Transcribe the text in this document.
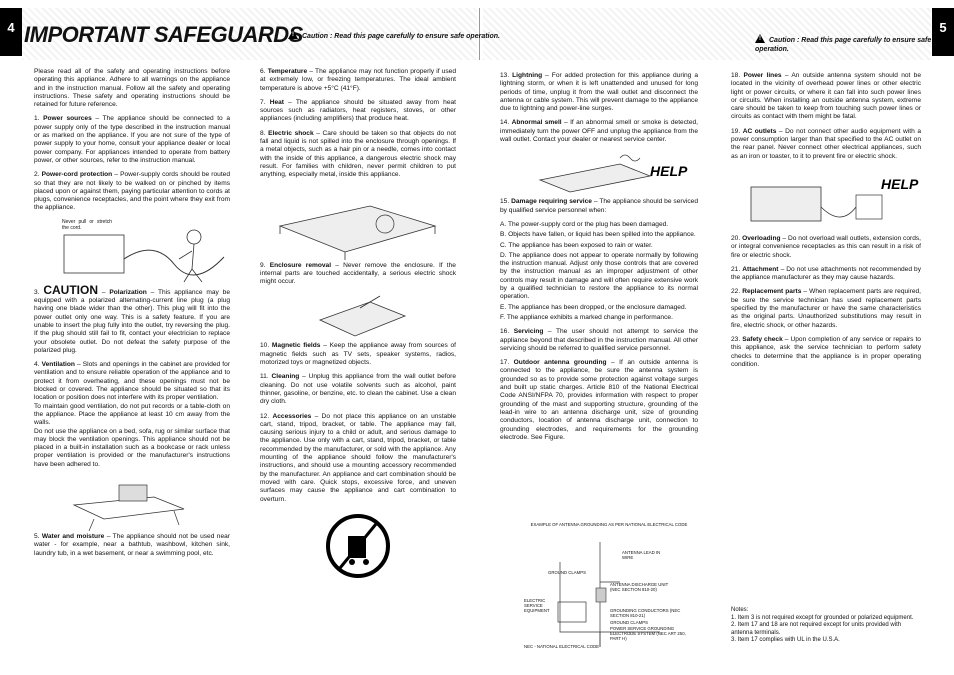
4	5
IMPORTANT SAFEGUARDS
! Caution : Read this page carefully to ensure safe operation.
!Caution : Read this page carefully to ensure safe operation.

Please read all of the safety and operating instructions before operating this appliance. Adhere to all warnings on the appliance and in the instruction manual. Follow all the safety and operating instructions. These safety and operating instructions should be retained for future reference.

1. Power sources – The appliance should be connected to a power supply only of the type described in the instruction manual or as marked on the appliance. If you are not sure of the type of power supply to your home, consult your appliance dealer or local power company. For appliances intended to operate from battery power, or other sources, refer to the instruction manual.

2. Power-cord protection – Power-supply cords should be routed so that they are not likely to be walked on or pinched by items placed upon or against them, paying particular attention to cords at plugs, convenience receptacles, and the point where they exit from the appliance.

Never pull or stretch the cord.

3. CAUTION – Polarization – This appliance may be equipped with a polarized alternating-current line plug (a plug having one blade wider than the other). This plug will fit into the power outlet only one way. This is a safety feature. If you are unable to insert the plug fully into the outlet, try reversing the plug. If the plug should still fail to fit, contact your electrician to replace your obsolete outlet. Do not defeat the safety purpose of the polarized plug.

4. Ventilation – Slots and openings in the cabinet are provided for ventilation and to ensure reliable operation of the appliance and to protect it from overheating, and these openings must not be blocked or covered. The appliance should be situated so that its location or position does not interfere with its proper ventilation.
To maintain good ventilation, do not put records or a table-cloth on the appliance. Place the appliance at least 10 cm away from the walls.
Do not use the appliance on a bed, sofa, rug or similar surface that may block the ventilation openings. This appliance should not be placed in a built-in installation such as a bookcase or rack unless proper ventilation is provided or the manufacturer's instructions have been adhered to.

5. Water and moisture – The appliance should not be used near water - for example, near a bathtub, washbowl, kitchen sink, laundry tub, in a wet basement, or near a swimming pool, etc.

6. Temperature – The appliance may not function properly if used at extremely low, or freezing temperatures. The ideal ambient temperature is above +5°C (41°F).

7. Heat – The appliance should be situated away from heat sources such as radiators, heat registers, stoves, or other appliances (including amplifiers) that produce heat.

8. Electric shock – Care should be taken so that objects do not fall and liquid is not spilled into the enclosure through openings. If a metal objects, such as a hair pin or a needle, comes into contact with the inside of this appliance, a dangerous electric shock may result. For families with children, never permit children to put anything, especially metal, inside this appliance.

9. Enclosure removal – Never remove the enclosure. If the internal parts are touched accidentally, a serious electric shock might occur.

10. Magnetic fields – Keep the appliance away from sources of magnetic fields such as TV sets, speaker systems, radios, motorized toys or magnetized objects.

11. Cleaning – Unplug this appliance from the wall outlet before cleaning. Do not use volatile solvents such as alcohol, paint thinner, gasoline, or benzine, etc. to clean the cabinet. Use a clean dry cloth.

12. Accessories – Do not place this appliance on an unstable cart, stand, tripod, bracket, or table. The appliance may fall, causing serious injury to a child or adult, and serious damage to the appliance. Use only with a cart, stand, tripod, bracket, or table recommended by the manufacturer, or sold with the appliance. Any mounting of the appliance should follow the manufacturer's instructions, and should use a mounting accessory recommended by the manufacturer. An appliance and cart combination should be moved with care. Quick stops, excessive force, and uneven surfaces may cause the appliance and cart combination to overturn.

13. Lightning – For added protection for this appliance during a lightning storm, or when it is left unattended and unused for long periods of time, unplug it from the wall outlet and disconnect the antenna or cable system. This will prevent damage to the appliance due to lightning and power-line surges.

14. Abnormal smell – If an abnormal smell or smoke is detected, immediately turn the power OFF and unplug the appliance from the wall outlet. Contact your dealer or nearest service center.

HELP

15. Damage requiring service – The appliance should be serviced by qualified service personnel when:

A. The power-supply cord or the plug has been damaged.

B. Objects have fallen, or liquid has been spilled into the appliance.

C. The appliance has been exposed to rain or water.

D. The appliance does not appear to operate normally by following the instruction manual. Adjust only those controls that are covered by the instruction manual as an improper adjustment of other controls may result in damage and will often require extensive work by a qualified technician to restore the appliance to its normal operation.

E. The appliance has been dropped, or the enclosure damaged.

F. The appliance exhibits a marked change in performance.

16. Servicing – The user should not attempt to service the appliance beyond that described in the instruction manual. All other servicing should be referred to qualified service personnel.

17. Outdoor antenna grounding – If an outside antenna is connected to the appliance, be sure the antenna system is grounded so as to provide some protection against voltage surges and built up static charges. Article 810 of the National Electrical Code ANSI/NFPA 70, provides information with respect to proper grounding of the mast and supporting structure, grounding of the lead-in wire to an antenna discharge unit, size of grounding conductors, location of antenna discharge unit, connection to grounding electrodes, and requirements for the grounding electrode. See Figure.

EXAMPLE OF ANTENNA GROUNDING AS PER NATIONAL ELECTRICAL CODE
ANTENNA LEAD IN WIRE
GROUND CLAMPS
ANTENNA DISCHARGE UNIT (NEC SECTION 810-20)
ELECTRIC SERVICE EQUIPMENT	GROUNDING CONDUCTORS (NEC SECTION 810-21)
GROUND CLAMPS
POWER SERVICE GROUNDING ELECTRODE SYSTEM (NEC ART 250, PART H)
NEC - NATIONAL ELECTRICAL CODE

18. Power lines – An outside antenna system should not be located in the vicinity of overhead power lines or other electric light or power circuits, or where it can fall into such power lines or circuits. When installing an outside antenna system, extreme care should be taken to keep from touching such power lines or circuits as contact with them might be fatal.

19. AC outlets – Do not connect other audio equipment with a power consumption larger than that specified to the AC outlet on the rear panel. Never connect other electrical appliances, such as an iron or toaster, to it to prevent fire or electric shock.

HELP

20. Overloading – Do not overload wall outlets, extension cords, or integral convenience receptacles as this can result in a risk of fire or electric shock.

21. Attachment – Do not use attachments not recommended by the appliance manufacturer as they may cause hazards.

22. Replacement parts – When replacement parts are required, be sure the service technician has used replacement parts specified by the manufacturer or have the same characteristics as the original parts. Unauthorized substitutions may result in fire, electric shock, or other hazards.

23. Safety check – Upon completion of any service or repairs to this appliance, ask the service technician to perform safety checks to determine that the appliance is in proper operating condition.

Notes:
1. Item 3 is not required except for grounded or polarized equipment.
2. Item 17 and 18 are not required except for units provided with antenna terminals.
3. Item 17 complies with UL in the U.S.A.
